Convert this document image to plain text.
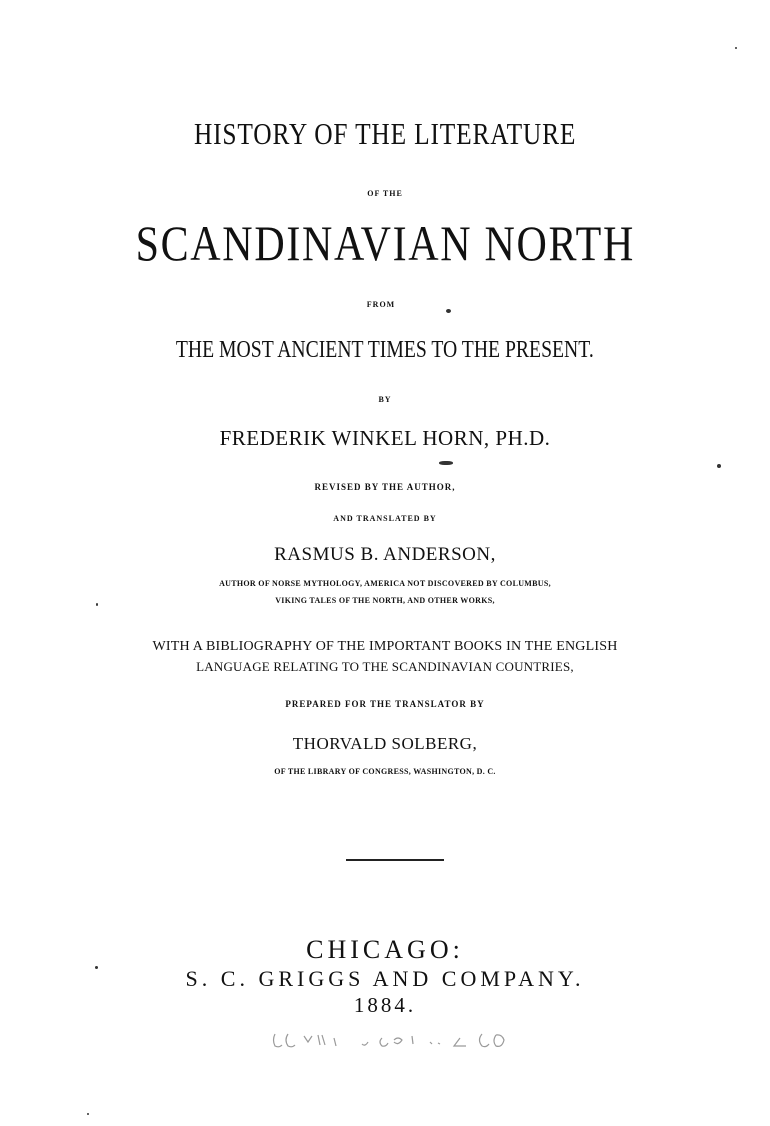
HISTORY OF THE LITERATURE
OF THE
SCANDINAVIAN NORTH
FROM
THE MOST ANCIENT TIMES TO THE PRESENT.
BY
FREDERIK WINKEL HORN, PH.D.
REVISED BY THE AUTHOR,
AND TRANSLATED BY
RASMUS B. ANDERSON,
AUTHOR OF NORSE MYTHOLOGY, AMERICA NOT DISCOVERED BY COLUMBUS,
VIKING TALES OF THE NORTH, AND OTHER WORKS,
WITH A BIBLIOGRAPHY OF THE IMPORTANT BOOKS IN THE ENGLISH
LANGUAGE RELATING TO THE SCANDINAVIAN COUNTRIES,
PREPARED FOR THE TRANSLATOR BY
THORVALD SOLBERG,
OF THE LIBRARY OF CONGRESS, WASHINGTON, D. C.
CHICAGO:
S. C. GRIGGS AND COMPANY.
1884.
